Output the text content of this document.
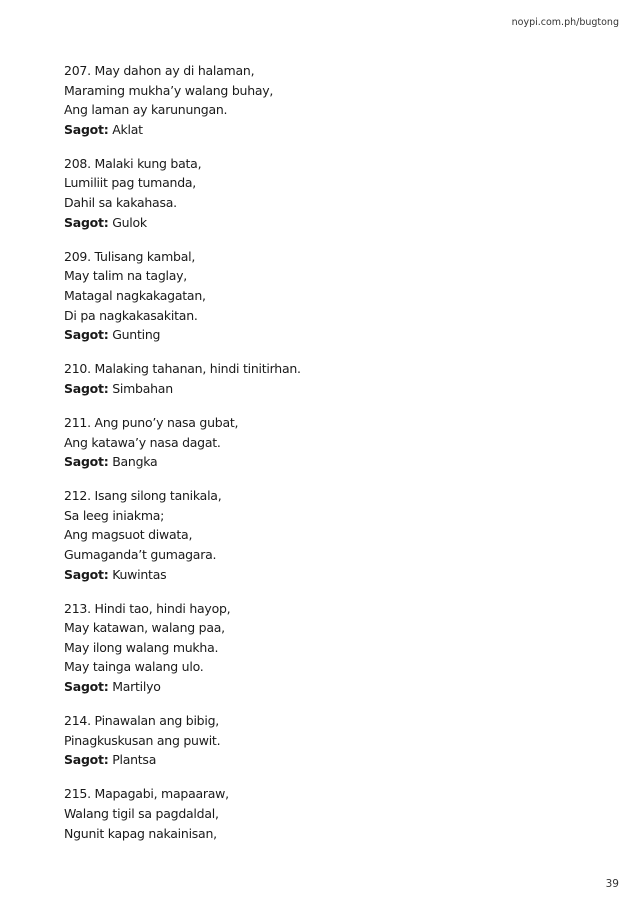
noypi.com.ph/bugtong
207. May dahon ay di halaman,
Maraming mukha’y walang buhay,
Ang laman ay karunungan.
Sagot: Aklat
208. Malaki kung bata,
Lumiliit pag tumanda,
Dahil sa kakahasa.
Sagot: Gulok
209. Tulisang kambal,
May talim na taglay,
Matagal nagkakagatan,
Di pa nagkakasakitan.
Sagot: Gunting
210. Malaking tahanan, hindi tinitirhan.
Sagot: Simbahan
211. Ang puno’y nasa gubat,
Ang katawa’y nasa dagat.
Sagot: Bangka
212. Isang silong tanikala,
Sa leeg iniakma;
Ang magsuot diwata,
Gumaganda’t gumagara.
Sagot: Kuwintas
213. Hindi tao, hindi hayop,
May katawan, walang paa,
May ilong walang mukha.
May tainga walang ulo.
Sagot: Martilyo
214. Pinawalan ang bibig,
Pinagkuskusan ang puwit.
Sagot: Plantsa
215. Mapagabi, mapaaraw,
Walang tigil sa pagdaldal,
Ngunit kapag nakainisan,
39
